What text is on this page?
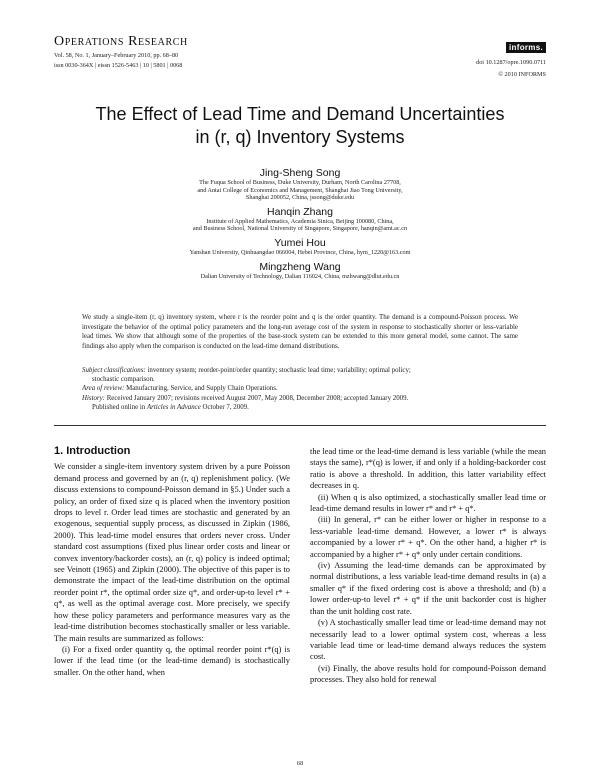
Operations Research
Vol. 58, No. 1, January–February 2010, pp. 68–80
issn 0030-364X | eissn 1526-5463 | 10 | 5801 | 0068
informs.
doi 10.1287/opre.1090.0711
© 2010 INFORMS
The Effect of Lead Time and Demand Uncertainties
in (r, q) Inventory Systems
Jing-Sheng Song
The Fuqua School of Business, Duke University, Durham, North Carolina 27708,
and Antai College of Economics and Management, Shanghai Jiao Tong University,
Shanghai 200052, China, jssong@duke.edu
Hanqin Zhang
Institute of Applied Mathematics, Academia Sinica, Beijing 100080, China,
and Business School, National University of Singapore, Singapore, hanqin@amt.ac.cn
Yumei Hou
Yanshan University, Qinhuangdao 066004, Hebei Province, China, hym_1220@163.com
Mingzheng Wang
Dalian University of Technology, Dalian 116024, China, mzhwang@dlut.edu.cn
We study a single-item (r, q) inventory system, where r is the reorder point and q is the order quantity. The demand is a compound-Poisson process. We investigate the behavior of the optimal policy parameters and the long-run average cost of the system in response to stochastically shorter or less-variable lead times. We show that although some of the properties of the base-stock system can be extended to this more general model, some cannot. The same findings also apply when the comparison is conducted on the lead-time demand distributions.

Subject classifications: inventory system; reorder-point/order quantity; stochastic lead time; variability; optimal policy;

stochastic comparison.

Area of review: Manufacturing, Service, and Supply Chain Operations.

History: Received January 2007; revisions received August 2007, May 2008, December 2008; accepted January 2009.

Published online in Articles in Advance October 7, 2009.

1. Introduction

We consider a single-item inventory system driven by a pure Poisson demand process and governed by an (r, q) replenishment policy. (We discuss extensions to compound-Poisson demand in §5.) Under such a policy, an order of fixed size q is placed when the inventory position drops to level r. Order lead times are stochastic and generated by an exogenous, sequential supply process, as discussed in Zipkin (1986, 2000). This lead-time model ensures that orders never cross. Under standard cost assumptions (fixed plus linear order costs and linear or convex inventory/backorder costs), an (r, q) policy is indeed optimal; see Veinott (1965) and Zipkin (2000). The objective of this paper is to demonstrate the impact of the lead-time distribution on the optimal reorder point r*, the optimal order size q*, and order-up-to level r* + q*, as well as the optimal average cost. More precisely, we specify how these policy parameters and performance measures vary as the lead-time distribution becomes stochastically smaller or less variable. The main results are summarized as follows:

(i) For a fixed order quantity q, the optimal reorder point r*(q) is lower if the lead time (or the lead-time demand) is stochastically smaller. On the other hand, when

the lead time or the lead-time demand is less variable (while the mean stays the same), r*(q) is lower, if and only if a holding-backorder cost ratio is above a threshold. In addition, this latter variability effect decreases in q.

(ii) When q is also optimized, a stochastically smaller lead time or lead-time demand results in lower r* and r* + q*.

(iii) In general, r* can be either lower or higher in response to a less-variable lead-time demand. However, a lower r* is always accompanied by a lower r* + q*. On the other hand, a higher r* is accompanied by a higher r* + q* only under certain conditions.

(iv) Assuming the lead-time demands can be approximated by normal distributions, a less variable lead-time demand results in (a) a smaller q* if the fixed ordering cost is above a threshold; and (b) a lower order-up-to level r* + q* if the unit backorder cost is higher than the unit holding cost rate.

(v) A stochastically smaller lead time or lead-time demand may not necessarily lead to a lower optimal system cost, whereas a less variable lead time or lead-time demand always reduces the system cost.

(vi) Finally, the above results hold for compound-Poisson demand processes. They also hold for renewal

68
